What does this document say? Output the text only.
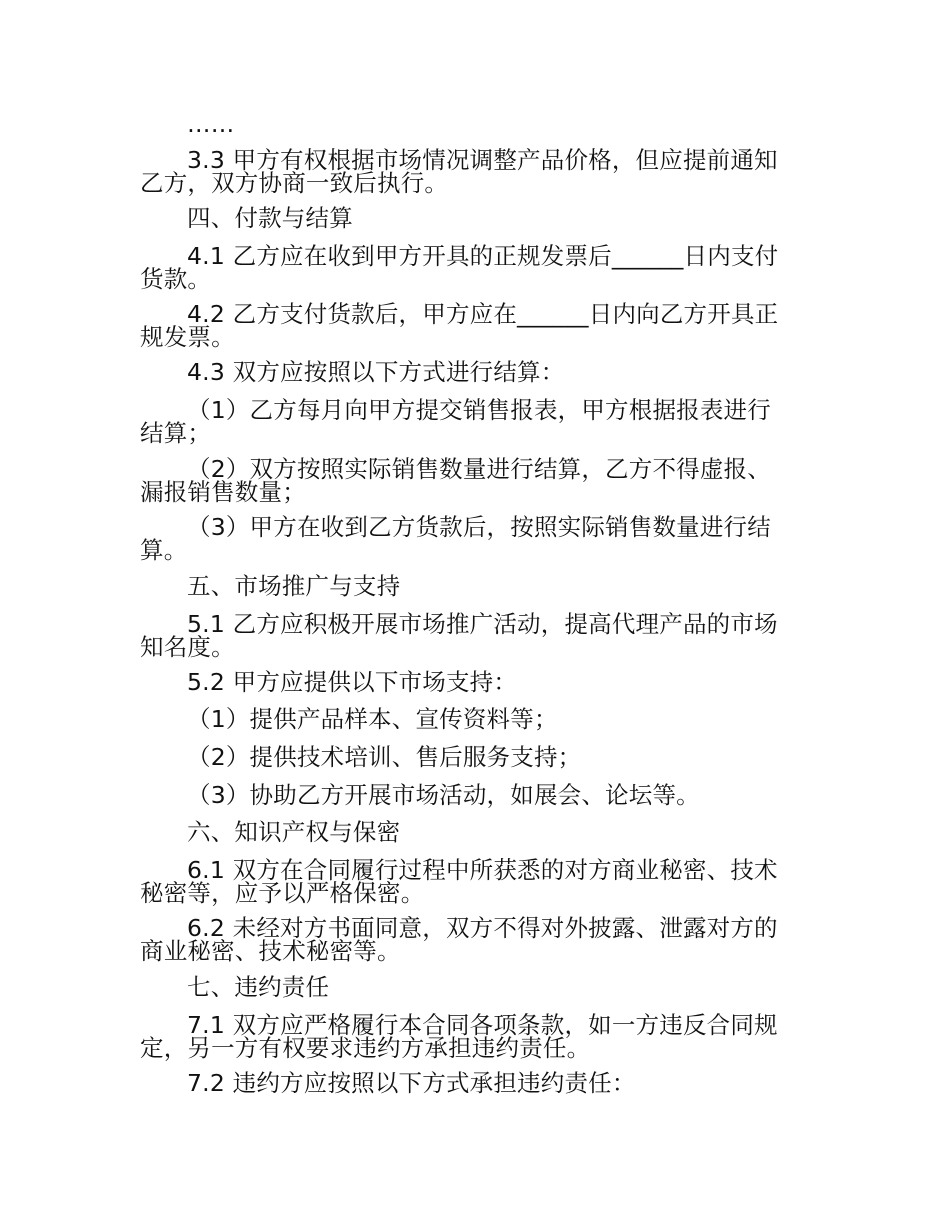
……

3.3 甲方有权根据市场情况调整产品价格，但应提前通知

乙方，双方协商一致后执行。

四、付款与结算

4.1 乙方应在收到甲方开具的正规发票后______日内支付

货款。

4.2 乙方支付货款后，甲方应在______日内向乙方开具正

规发票。

4.3 双方应按照以下方式进行结算：

（1）乙方每月向甲方提交销售报表，甲方根据报表进行

结算；

（2）双方按照实际销售数量进行结算，乙方不得虚报、

漏报销售数量；

（3）甲方在收到乙方货款后，按照实际销售数量进行结

算。

五、市场推广与支持

5.1 乙方应积极开展市场推广活动，提高代理产品的市场

知名度。

5.2 甲方应提供以下市场支持：

（1）提供产品样本、宣传资料等；

（2）提供技术培训、售后服务支持；

（3）协助乙方开展市场活动，如展会、论坛等。

六、知识产权与保密

6.1 双方在合同履行过程中所获悉的对方商业秘密、技术

秘密等，应予以严格保密。

6.2 未经对方书面同意，双方不得对外披露、泄露对方的

商业秘密、技术秘密等。

七、违约责任

7.1 双方应严格履行本合同各项条款，如一方违反合同规

定，另一方有权要求违约方承担违约责任。

7.2 违约方应按照以下方式承担违约责任：
